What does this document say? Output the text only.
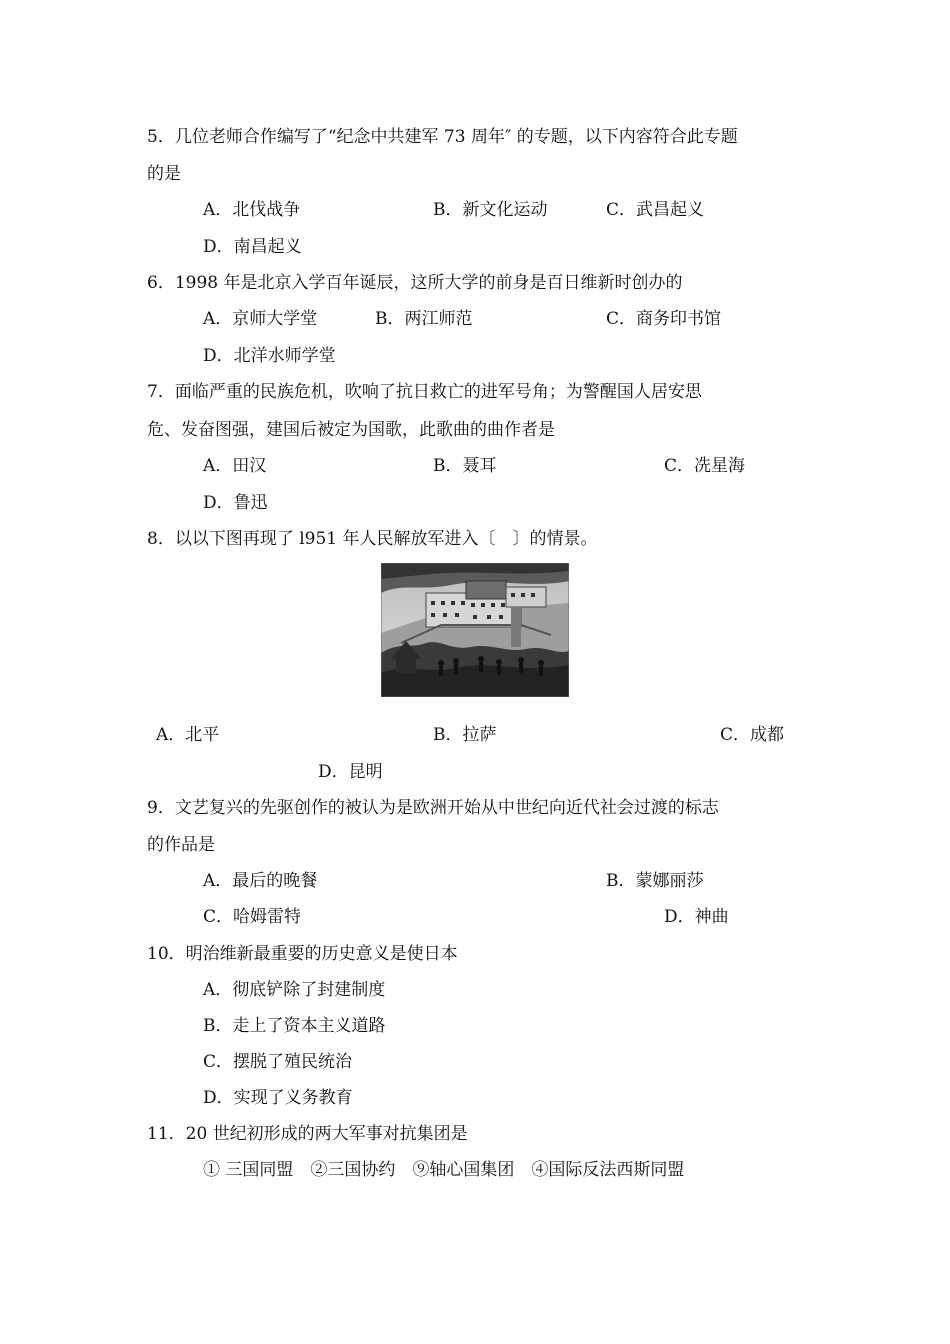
5．几位老师合作编写了“纪念中共建军 73 周年″ 的专题，以下内容符合此专题
的是
A．北伐战争	B．新文化运动	C．武昌起义
D．南昌起义
6．1998 年是北京入学百年诞辰，这所大学的前身是百日维新时创办的
A．京师大学堂	B．两江师范	C．商务印书馆
D．北洋水师学堂
7．面临严重的民族危机，吹响了抗日救亡的进军号角；为警醒国人居安思
危、发奋图强，建国后被定为国歌，此歌曲的曲作者是
A．田汉	B．聂耳	C．冼星海
D．鲁迅
8．以以下图再现了 l951 年人民解放军进入〔　〕的情景。
A．北平	B．拉萨	C．成都
D．昆明
9．文艺复兴的先驱创作的被认为是欧洲开始从中世纪向近代社会过渡的标志
的作品是
A．最后的晚餐	B．蒙娜丽莎
C．哈姆雷特	D．神曲
10．明治维新最重要的历史意义是使日本
A．彻底铲除了封建制度
B．走上了资本主义道路
C．摆脱了殖民统治
D．实现了义务教育
11．20 世纪初形成的两大军事对抗集团是
① 三国同盟　②三国协约　⑨轴心国集团　④国际反法西斯同盟
